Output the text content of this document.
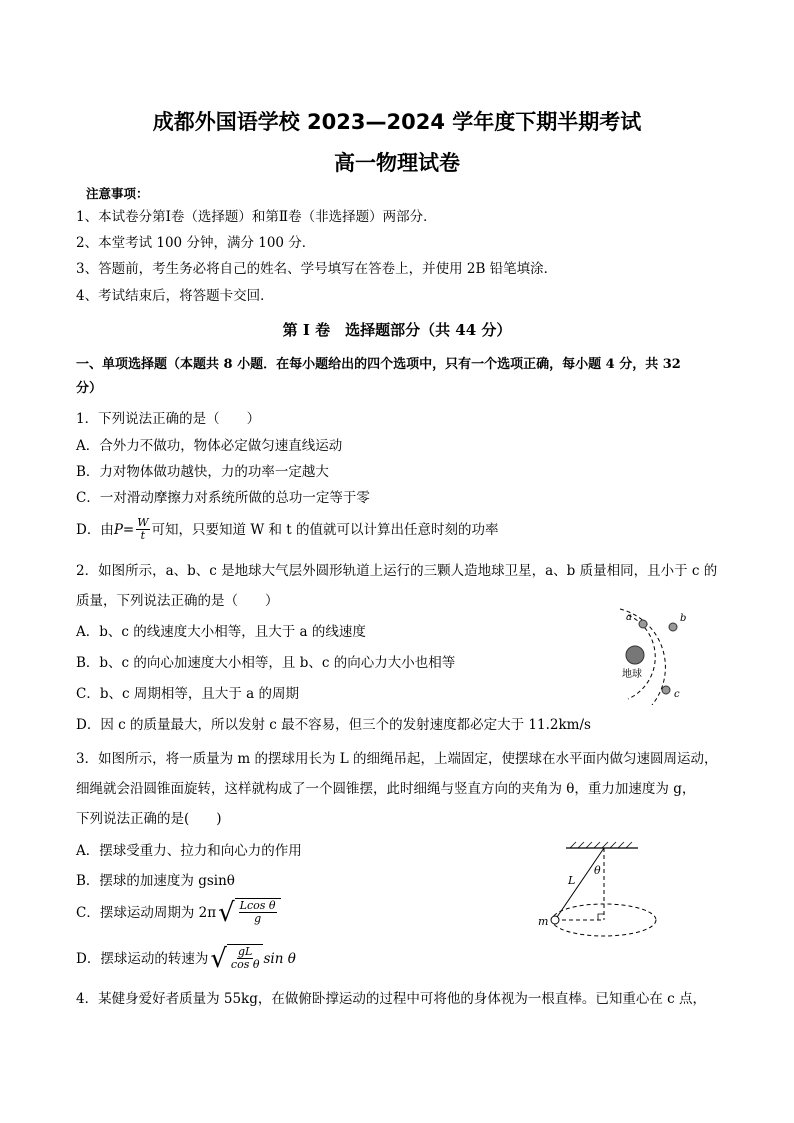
成都外国语学校 2023—2024 学年度下期半期考试
高一物理试卷
注意事项：
1、本试卷分第Ⅰ卷（选择题）和第Ⅱ卷（非选择题）两部分．
2、本堂考试 100 分钟，满分 100 分．
3、答题前，考生务必将自己的姓名、学号填写在答卷上，并使用 2B 铅笔填涂．
4、考试结束后，将答题卡交回．
第 I 卷　选择题部分（共 44 分）
一、单项选择题（本题共 8 小题．在每小题给出的四个选项中，只有一个选项正确，每小题 4 分，共 32
分）
1．下列说法正确的是（　　）
A．合外力不做功，物体必定做匀速直线运动
B．力对物体做功越快，力的功率一定越大
C．一对滑动摩擦力对系统所做的总功一定等于零
D．由 $P = \frac{W}{t}$ 可知，只要知道 W 和 t 的值就可以计算出任意时刻的功率
2．如图所示，a、b、c 是地球大气层外圆形轨道上运行的三颗人造地球卫星，a、b 质量相同，且小于 c 的
质量，下列说法正确的是（　　）
A．b、c 的线速度大小相等，且大于 a 的线速度
B．b、c 的向心加速度大小相等，且 b、c 的向心力大小也相等
C．b、c 周期相等，且大于 a 的周期
D．因 c 的质量最大，所以发射 c 最不容易，但三个的发射速度都必定大于 11.2km/s
地球
a	b
c
3．如图所示，将一质量为 m 的摆球用长为 L 的细绳吊起，上端固定，使摆球在水平面内做匀速圆周运动，
细绳就会沿圆锥面旋转，这样就构成了一个圆锥摆，此时细绳与竖直方向的夹角为 θ，重力加速度为 g，
下列说法正确的是(　　)
A．摆球受重力、拉力和向心力的作用
B．摆球的加速度为 gsinθ
C．摆球运动周期为 2π √ $\frac{\text{Lcos θ}}{g}$
D．摆球运动的转速为 √ $\frac{gL}{\text{cos θ}}$ sin θ
m
L
θ
4．某健身爱好者质量为 55kg，在做俯卧撑运动的过程中可将他的身体视为一根直棒。已知重心在 c 点，
